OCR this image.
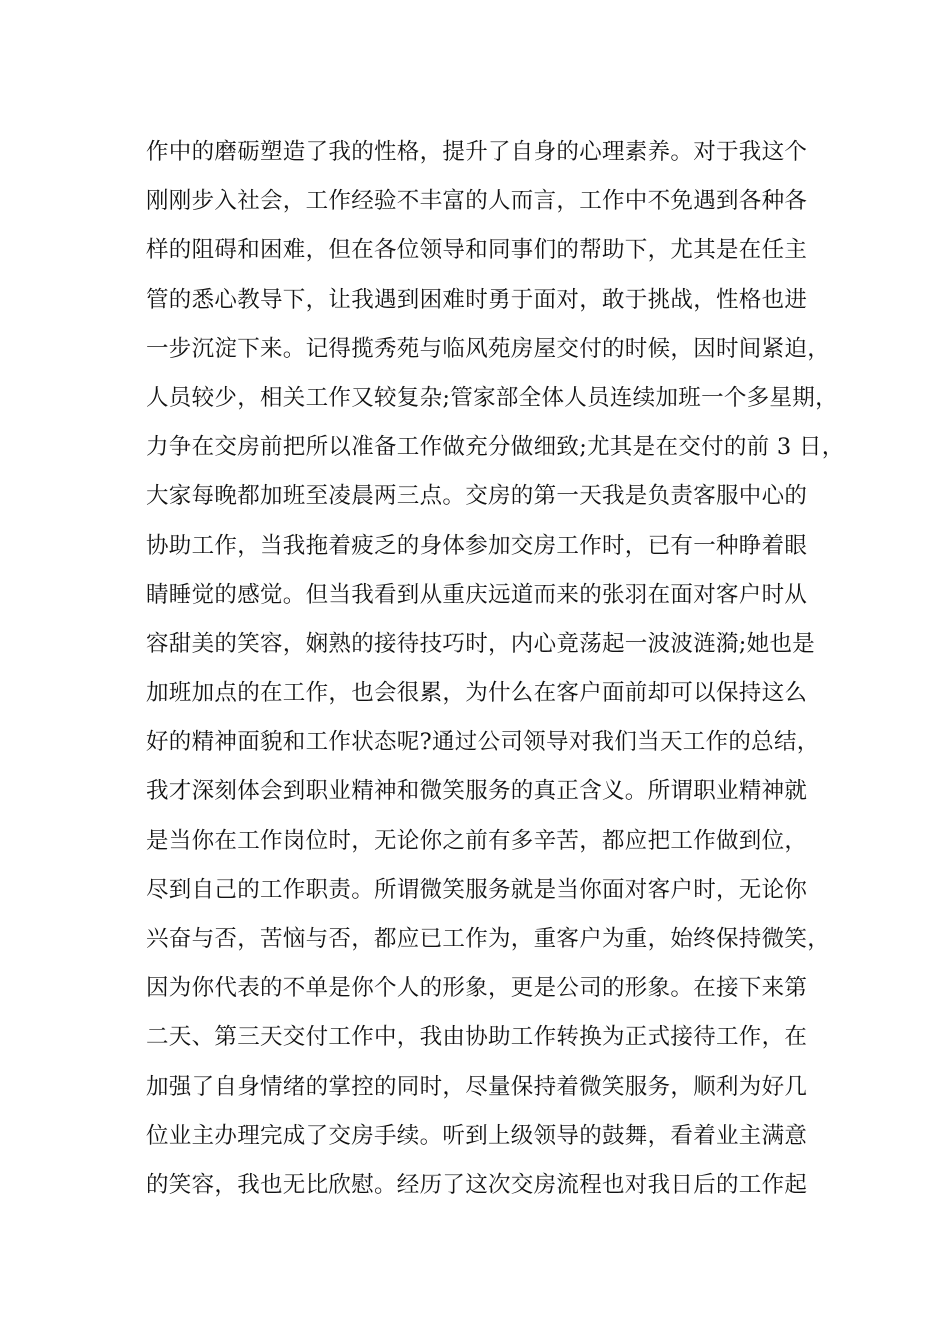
作中的磨砺塑造了我的性格，提升了自身的心理素养。对于我这个
刚刚步入社会，工作经验不丰富的人而言，工作中不免遇到各种各
样的阻碍和困难，但在各位领导和同事们的帮助下，尤其是在任主
管的悉心教导下，让我遇到困难时勇于面对，敢于挑战，性格也进
一步沉淀下来。记得揽秀苑与临风苑房屋交付的时候，因时间紧迫，
人员较少，相关工作又较复杂;管家部全体人员连续加班一个多星期，
力争在交房前把所以准备工作做充分做细致;尤其是在交付的前 3 日，
大家每晚都加班至凌晨两三点。交房的第一天我是负责客服中心的
协助工作，当我拖着疲乏的身体参加交房工作时，已有一种睁着眼
睛睡觉的感觉。但当我看到从重庆远道而来的张羽在面对客户时从
容甜美的笑容，娴熟的接待技巧时，内心竟荡起一波波涟漪;她也是
加班加点的在工作，也会很累，为什么在客户面前却可以保持这么
好的精神面貌和工作状态呢?通过公司领导对我们当天工作的总结，
我才深刻体会到职业精神和微笑服务的真正含义。所谓职业精神就
是当你在工作岗位时，无论你之前有多辛苦，都应把工作做到位，
尽到自己的工作职责。所谓微笑服务就是当你面对客户时，无论你
兴奋与否，苦恼与否，都应已工作为，重客户为重，始终保持微笑，
因为你代表的不单是你个人的形象，更是公司的形象。在接下来第
二天、第三天交付工作中，我由协助工作转换为正式接待工作，在
加强了自身情绪的掌控的同时，尽量保持着微笑服务，顺利为好几
位业主办理完成了交房手续。听到上级领导的鼓舞，看着业主满意
的笑容，我也无比欣慰。经历了这次交房流程也对我日后的工作起
